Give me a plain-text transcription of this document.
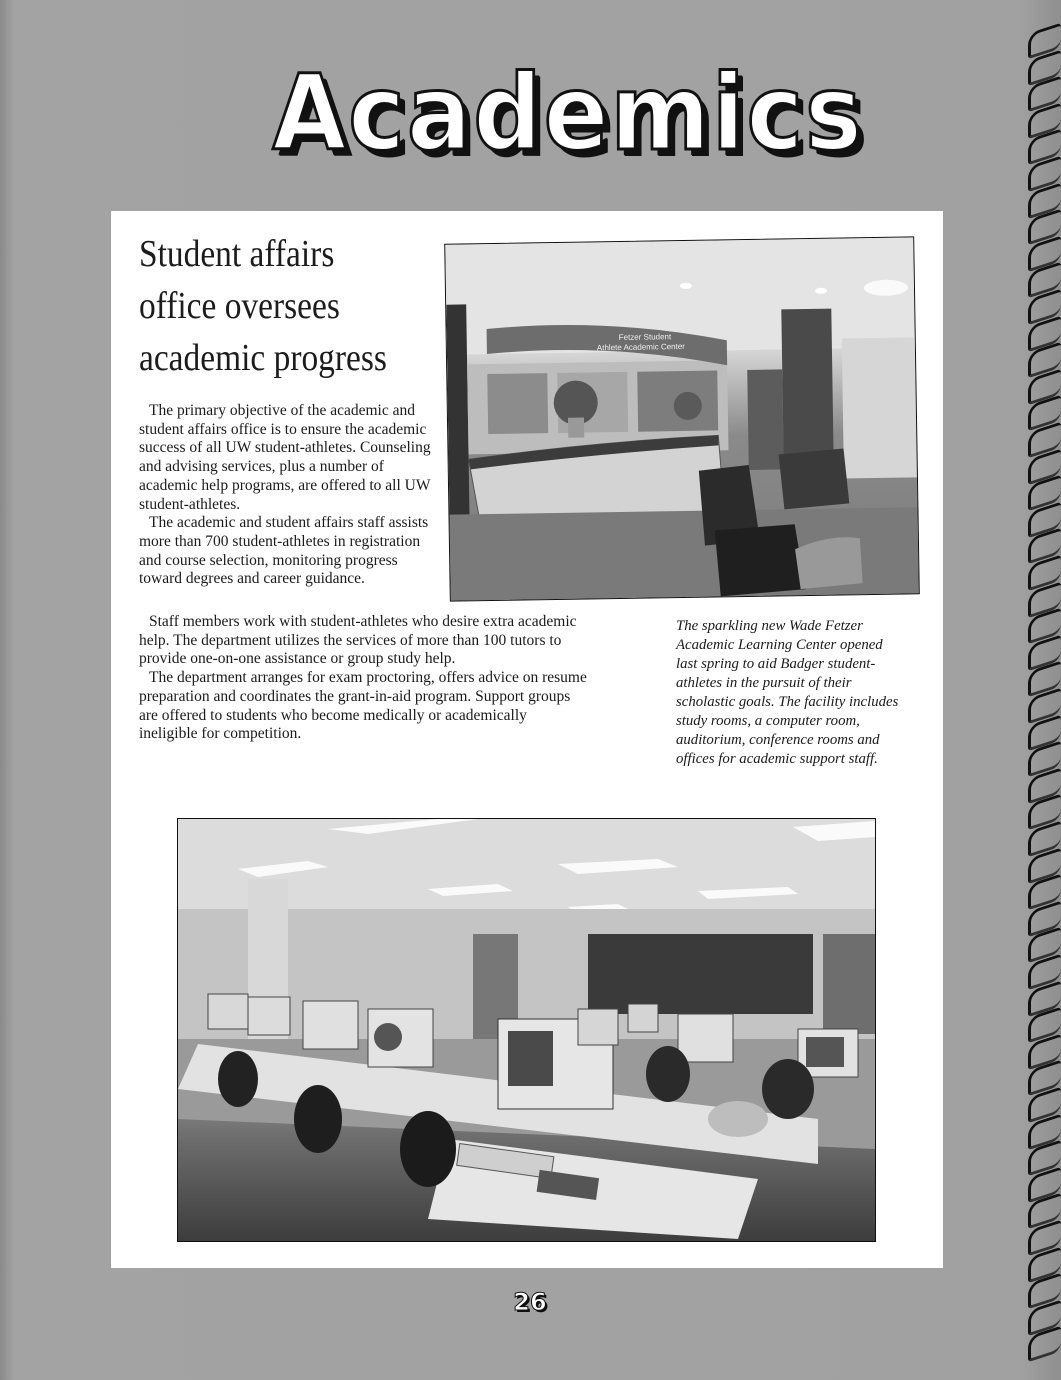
Academics
Student affairs office oversees academic progress

The primary objective of the academic and student affairs office is to ensure the academic success of all UW student-athletes. Counseling and advising services, plus a number of academic help programs, are offered to all UW student-athletes.

The academic and student affairs staff assists more than 700 student-athletes in registration and course selection, monitoring progress toward degrees and career guidance.

Staff members work with student-athletes who desire extra academic help. The department utilizes the services of more than 100 tutors to provide one-on-one assistance or group study help.

The department arranges for exam proctoring, offers advice on resume preparation and coordinates the grant-in-aid program. Support groups are offered to students who become medically or academically ineligible for competition.

Fetzer Student
Athlete Academic Center
The sparkling new Wade Fetzer Academic Learning Center opened last spring to aid Badger student-athletes in the pursuit of their scholastic goals. The facility includes study rooms, a computer room, auditorium, conference rooms and offices for academic support staff.
26
